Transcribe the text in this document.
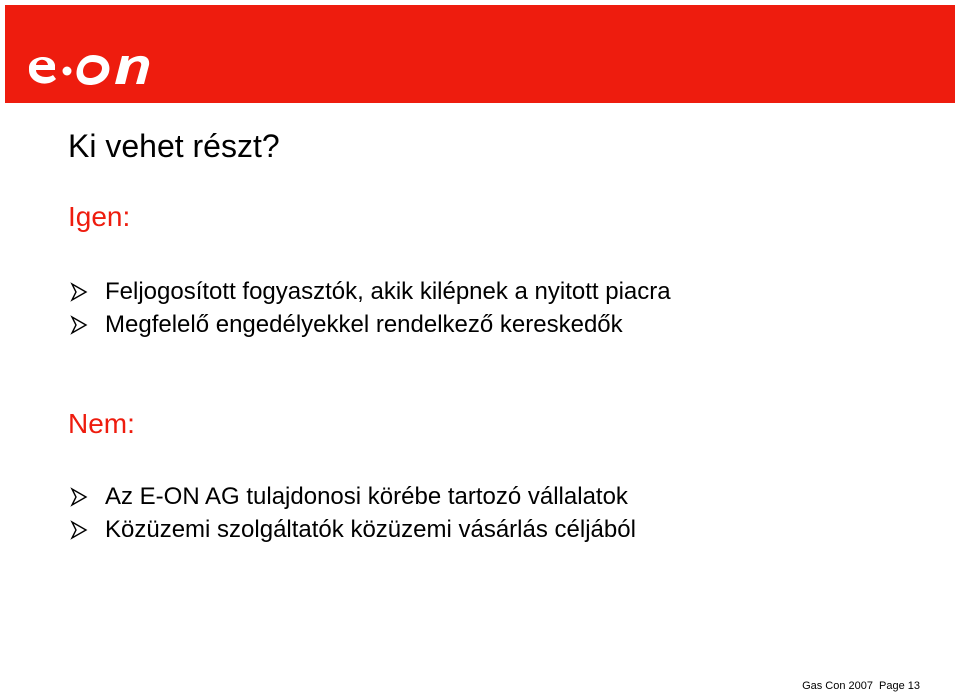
Ki vehet részt?
Igen:
Feljogosított fogyasztók, akik kilépnek a nyitott piacra
Megfelelő engedélyekkel rendelkező kereskedők
Nem:
Az E-ON AG tulajdonosi körébe tartozó vállalatok
Közüzemi szolgáltatók közüzemi vásárlás céljából
Gas Con 2007 Page 13
